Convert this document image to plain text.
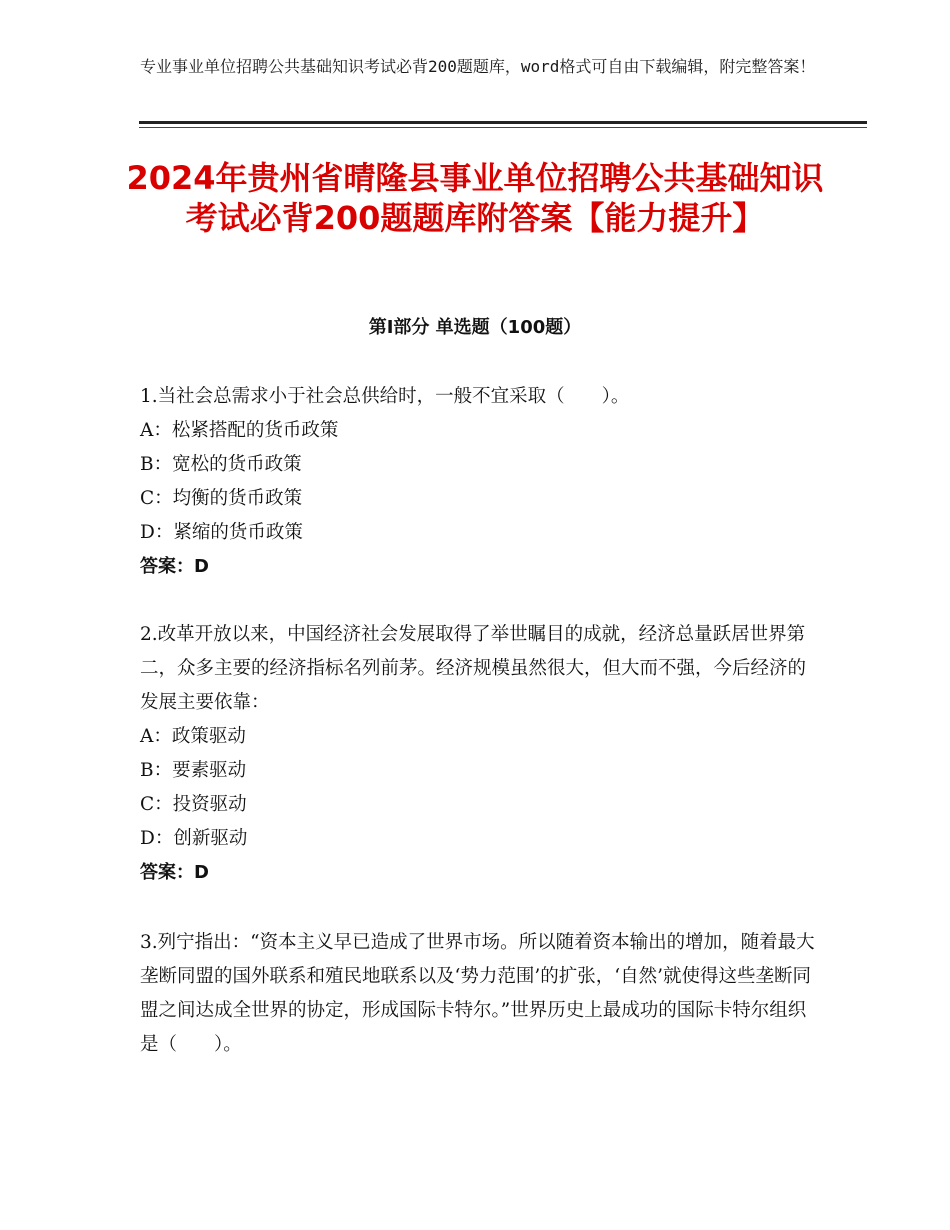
专业事业单位招聘公共基础知识考试必背200题题库，word格式可自由下载编辑，附完整答案！
2024年贵州省晴隆县事业单位招聘公共基础知识考试必背200题题库附答案【能力提升】
第Ⅰ部分 单选题（100题）

1.当社会总需求小于社会总供给时，一般不宜采取（　　）。

A：松紧搭配的货币政策

B：宽松的货币政策

C：均衡的货币政策

D：紧缩的货币政策

答案：D

2.改革开放以来，中国经济社会发展取得了举世瞩目的成就，经济总量跃居世界第二，众多主要的经济指标名列前茅。经济规模虽然很大，但大而不强，今后经济的发展主要依靠：

A：政策驱动

B：要素驱动

C：投资驱动

D：创新驱动

答案：D

3.列宁指出：“资本主义早已造成了世界市场。所以随着资本输出的增加，随着最大垄断同盟的国外联系和殖民地联系以及‘势力范围’的扩张，‘自然’就使得这些垄断同盟之间达成全世界的协定，形成国际卡特尔。”世界历史上最成功的国际卡特尔组织是（　　）。
